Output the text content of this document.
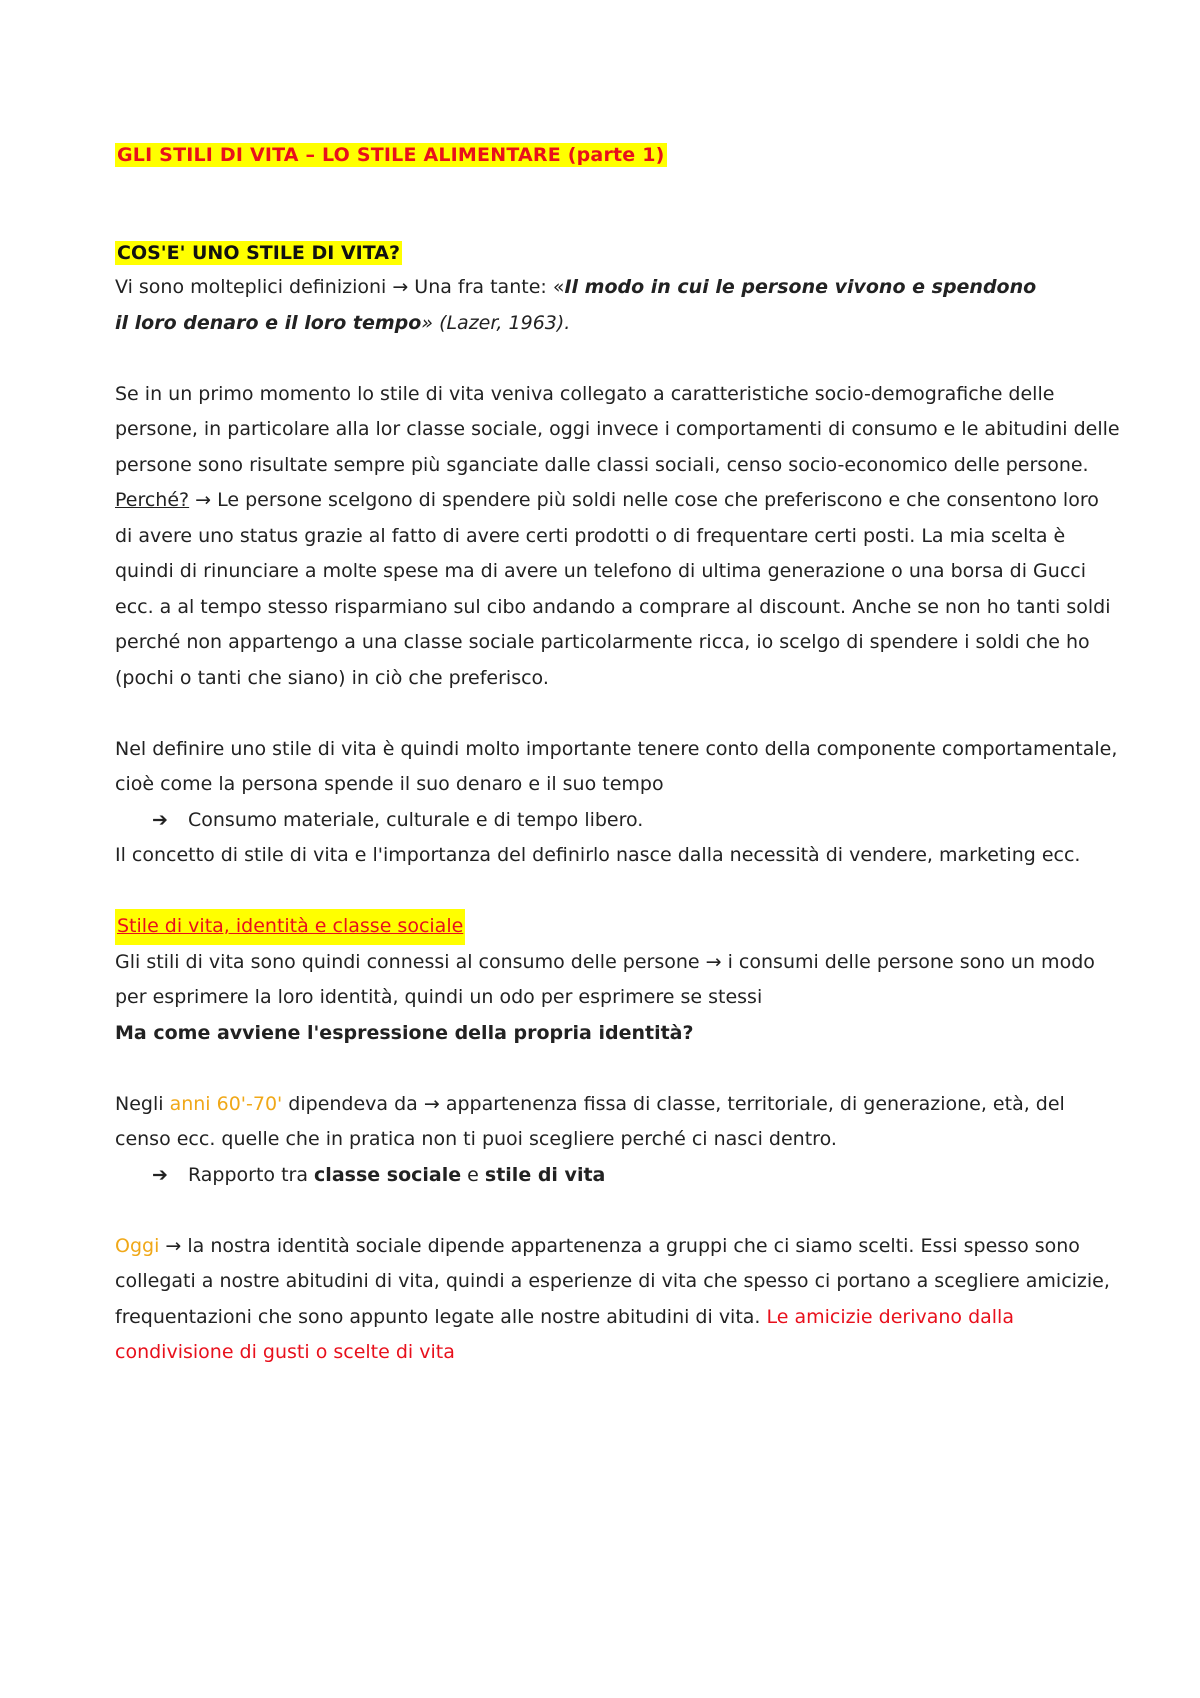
GLI STILI DI VITA – LO STILE ALIMENTARE (parte 1)
COS'E' UNO STILE DI VITA?

Vi sono molteplici definizioni → Una fra tante: «Il modo in cui le persone vivono e spendono
il loro denaro e il loro tempo» (Lazer, 1963).

Se in un primo momento lo stile di vita veniva collegato a caratteristiche socio-demografiche delle persone, in particolare alla lor classe sociale, oggi invece i comportamenti di consumo e le abitudini delle persone sono risultate sempre più sganciate dalle classi sociali, censo socio-economico delle persone.

Perché? → Le persone scelgono di spendere più soldi nelle cose che preferiscono e che consentono loro di avere uno status grazie al fatto di avere certi prodotti o di frequentare certi posti. La mia scelta è quindi di rinunciare a molte spese ma di avere un telefono di ultima generazione o una borsa di Gucci ecc. a al tempo stesso risparmiano sul cibo andando a comprare al discount. Anche se non ho tanti soldi perché non appartengo a una classe sociale particolarmente ricca, io scelgo di spendere i soldi che ho (pochi o tanti che siano) in ciò che preferisco.

Nel definire uno stile di vita è quindi molto importante tenere conto della componente comportamentale, cioè come la persona spende il suo denaro e il suo tempo

➔ Consumo materiale, culturale e di tempo libero.

Il concetto di stile di vita e l'importanza del definirlo nasce dalla necessità di vendere, marketing ecc.

Stile di vita, identità e classe sociale

Gli stili di vita sono quindi connessi al consumo delle persone → i consumi delle persone sono un modo per esprimere la loro identità, quindi un odo per esprimere se stessi

Ma come avviene l'espressione della propria identità?

Negli anni 60'-70' dipendeva da → appartenenza fissa di classe, territoriale, di generazione, età, del censo ecc. quelle che in pratica non ti puoi scegliere perché ci nasci dentro.

➔ Rapporto tra classe sociale e stile di vita

Oggi → la nostra identità sociale dipende appartenenza a gruppi che ci siamo scelti. Essi spesso sono collegati a nostre abitudini di vita, quindi a esperienze di vita che spesso ci portano a scegliere amicizie, frequentazioni che sono appunto legate alle nostre abitudini di vita. Le amicizie derivano dalla condivisione di gusti o scelte di vita
